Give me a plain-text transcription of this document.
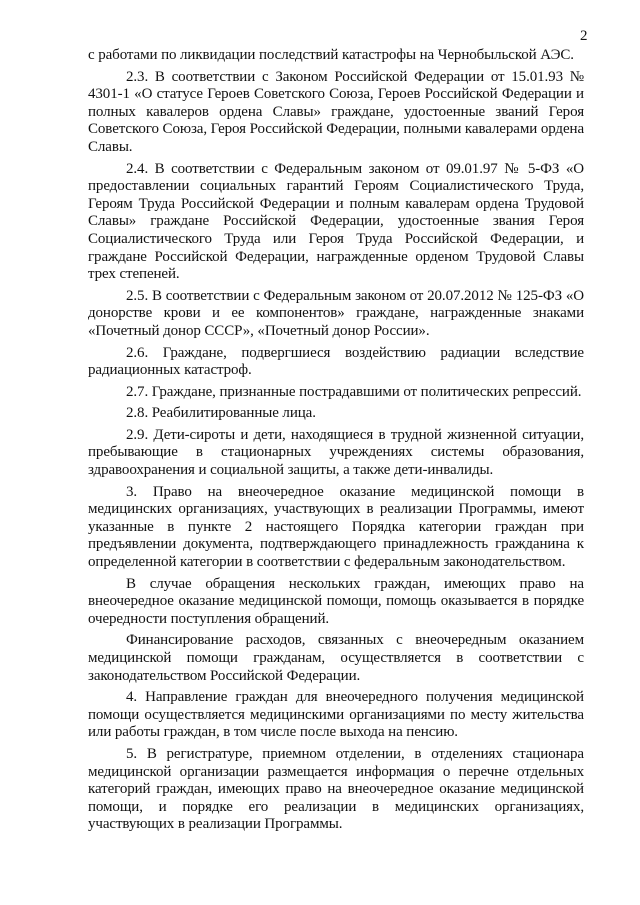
2

с работами по ликвидации последствий катастрофы на Чернобыльской АЭС.

2.3. В соответствии с Законом Российской Федерации от 15.01.93 № 4301-1 «О статусе Героев Советского Союза, Героев Российской Федерации и полных кавалеров ордена Славы» граждане, удостоенные званий Героя Советского Союза, Героя Российской Федерации, полными кавалерами ордена Славы.

2.4. В соответствии с Федеральным законом от 09.01.97 № 5-ФЗ «О предоставлении социальных гарантий Героям Социалистического Труда, Героям Труда Российской Федерации и полным кавалерам ордена Трудовой Славы» граждане Российской Федерации, удостоенные звания Героя Социалистического Труда или Героя Труда Российской Федерации, и граждане Российской Федерации, награжденные орденом Трудовой Славы трех степеней.

2.5. В соответствии с Федеральным законом от 20.07.2012 № 125-ФЗ «О донорстве крови и ее компонентов» граждане, награжденные знаками «Почетный донор СССР», «Почетный донор России».

2.6. Граждане, подвергшиеся воздействию радиации вследствие радиационных катастроф.

2.7. Граждане, признанные пострадавшими от политических репрессий.

2.8. Реабилитированные лица.

2.9. Дети-сироты и дети, находящиеся в трудной жизненной ситуации, пребывающие в стационарных учреждениях системы образования, здравоохранения и социальной защиты, а также дети-инвалиды.

3. Право на внеочередное оказание медицинской помощи в медицинских организациях, участвующих в реализации Программы, имеют указанные в пункте 2 настоящего Порядка категории граждан при предъявлении документа, подтверждающего принадлежность гражданина к определенной категории в соответствии с федеральным законодательством.

В случае обращения нескольких граждан, имеющих право на внеочередное оказание медицинской помощи, помощь оказывается в порядке очередности поступления обращений.

Финансирование расходов, связанных с внеочередным оказанием медицинской помощи гражданам, осуществляется в соответствии с законодательством Российской Федерации.

4. Направление граждан для внеочередного получения медицинской помощи осуществляется медицинскими организациями по месту жительства или работы граждан, в том числе после выхода на пенсию.

5. В регистратуре, приемном отделении, в отделениях стационара медицинской организации размещается информация о перечне отдельных категорий граждан, имеющих право на внеочередное оказание медицинской помощи, и порядке его реализации в медицинских организациях, участвующих в реализации Программы.
